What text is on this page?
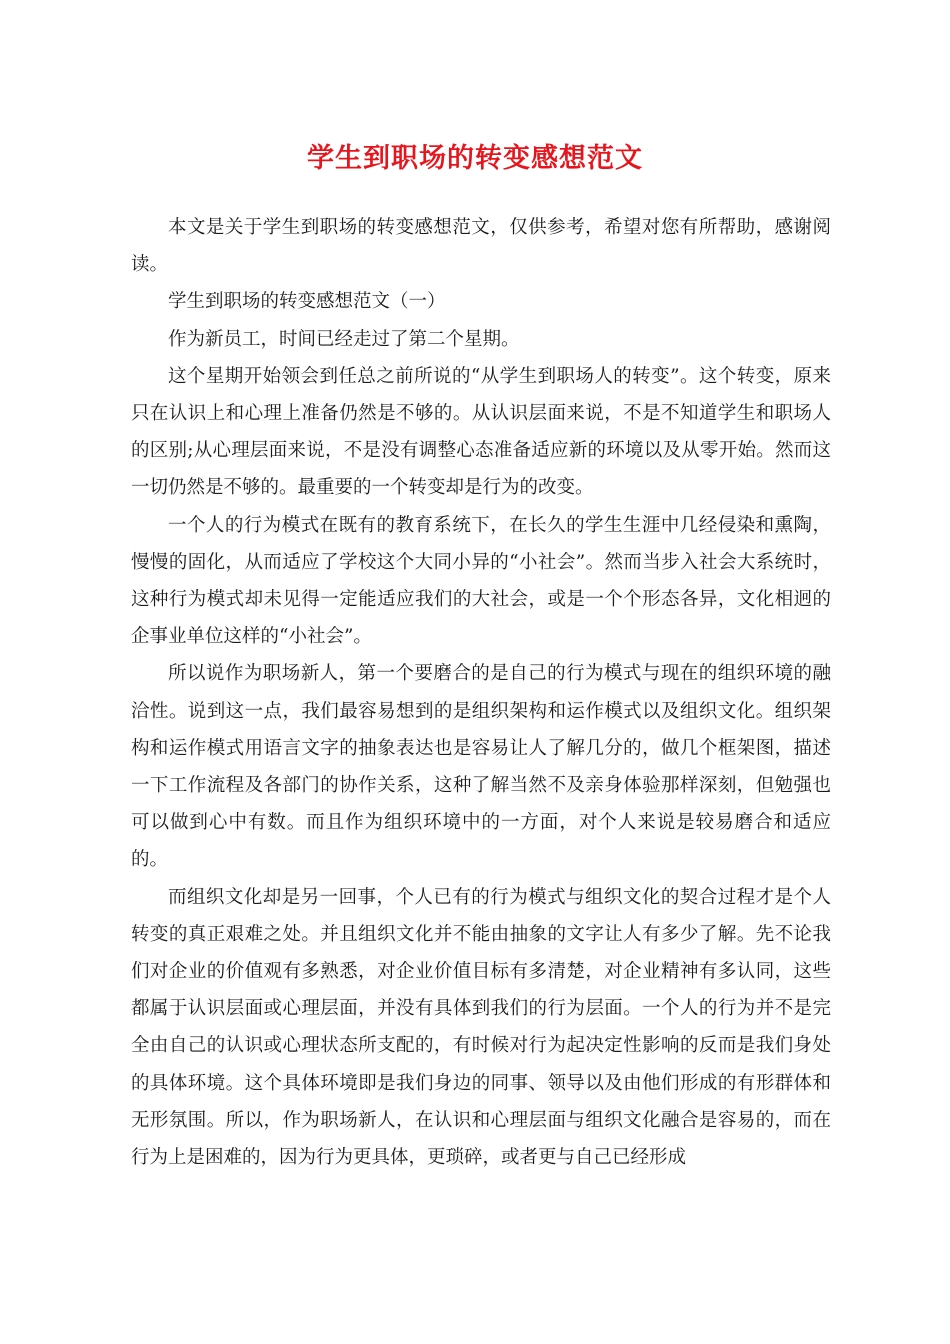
学生到职场的转变感想范文

本文是关于学生到职场的转变感想范文，仅供参考，希望对您有所帮助，感谢阅读。

学生到职场的转变感想范文（一）

作为新员工，时间已经走过了第二个星期。

这个星期开始领会到任总之前所说的“从学生到职场人的转变”。这个转变，原来只在认识上和心理上准备仍然是不够的。从认识层面来说，不是不知道学生和职场人的区别;从心理层面来说，不是没有调整心态准备适应新的环境以及从零开始。然而这一切仍然是不够的。最重要的一个转变却是行为的改变。

一个人的行为模式在既有的教育系统下，在长久的学生生涯中几经侵染和熏陶，慢慢的固化，从而适应了学校这个大同小异的“小社会”。然而当步入社会大系统时，这种行为模式却未见得一定能适应我们的大社会，或是一个个形态各异，文化相迥的企事业单位这样的“小社会”。

所以说作为职场新人，第一个要磨合的是自己的行为模式与现在的组织环境的融洽性。说到这一点，我们最容易想到的是组织架构和运作模式以及组织文化。组织架构和运作模式用语言文字的抽象表达也是容易让人了解几分的，做几个框架图，描述一下工作流程及各部门的协作关系，这种了解当然不及亲身体验那样深刻，但勉强也可以做到心中有数。而且作为组织环境中的一方面，对个人来说是较易磨合和适应的。

而组织文化却是另一回事，个人已有的行为模式与组织文化的契合过程才是个人转变的真正艰难之处。并且组织文化并不能由抽象的文字让人有多少了解。先不论我们对企业的价值观有多熟悉，对企业价值目标有多清楚，对企业精神有多认同，这些都属于认识层面或心理层面，并没有具体到我们的行为层面。一个人的行为并不是完全由自己的认识或心理状态所支配的，有时候对行为起决定性影响的反而是我们身处的具体环境。这个具体环境即是我们身边的同事、领导以及由他们形成的有形群体和无形氛围。所以，作为职场新人，在认识和心理层面与组织文化融合是容易的，而在行为上是困难的，因为行为更具体，更琐碎，或者更与自己已经形成
